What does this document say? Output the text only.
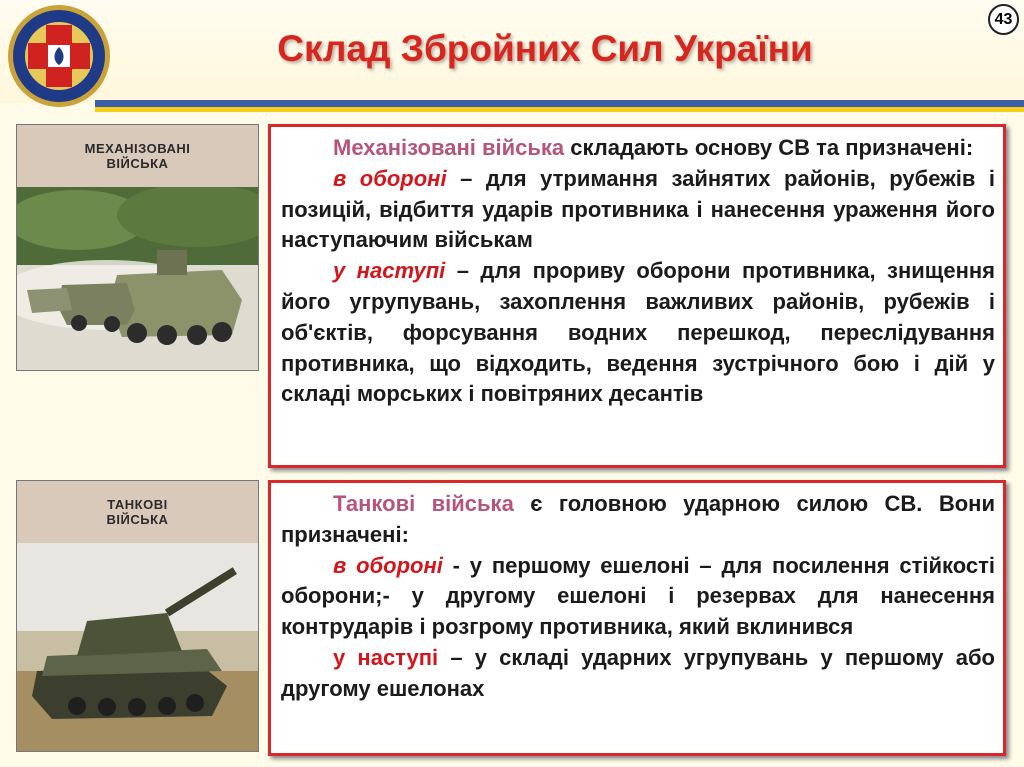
Склад Збройних Сил України
43
МЕХАНІЗОВАНІ
ВІЙСЬКА
ТАНКОВІ
ВІЙСЬКА

Механізовані війська складають основу СВ та призначені:

в обороні – для утримання зайнятих районів, рубежів і позицій, відбиття ударів противника і нанесення ураження його наступаючим військам

у наступі – для прориву оборони противника, знищення його угрупувань, захоплення важливих районів, рубежів і об'єктів, форсування водних перешкод, переслідування противника, що відходить, ведення зустрічного бою і дій у складі морських і повітряних десантів

Танкові війська є головною ударною силою СВ. Вони призначені:

в обороні - у першому ешелоні – для посилення стійкості оборони;- у другому ешелоні і резервах для нанесення контрударів і розгрому противника, який вклинився

у наступі – у складі ударних угрупувань у першому або другому ешелонах
